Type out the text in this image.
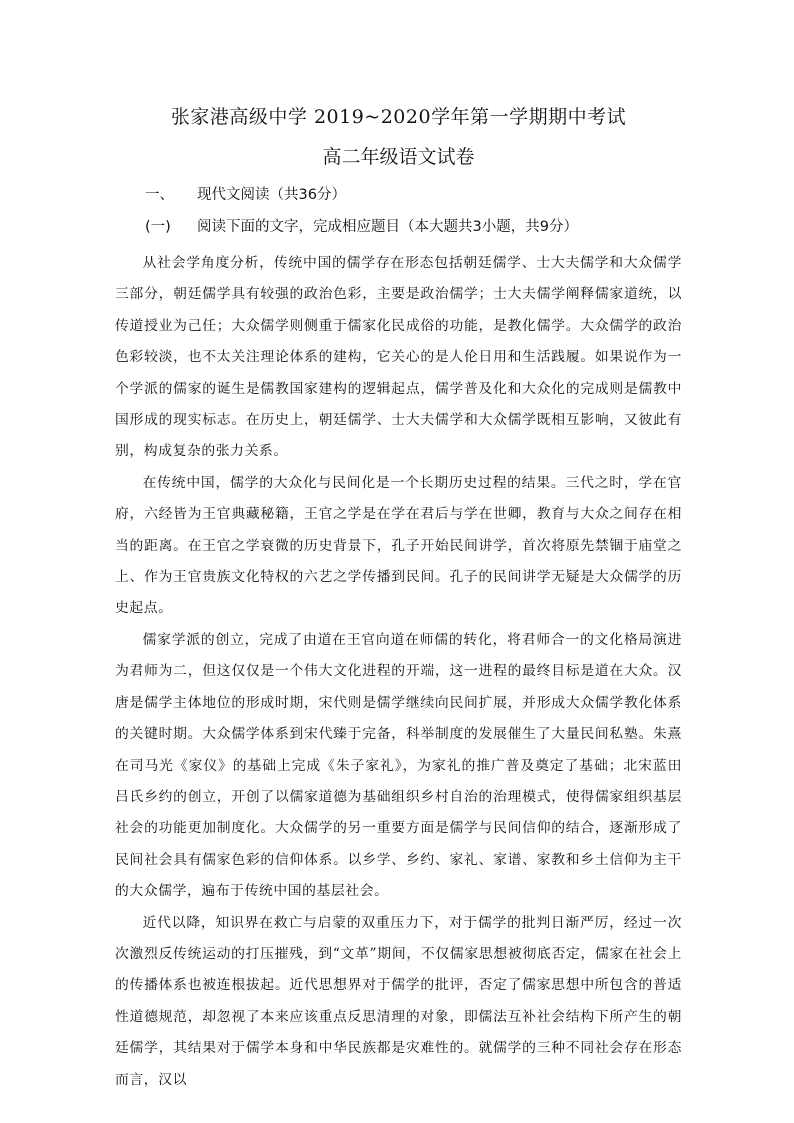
张家港高级中学 2019~2020学年第一学期期中考试
高二年级语文试卷
一、	现代文阅读（共36分）
(一)	阅读下面的文字，完成相应题目（本大题共3小题，共9分）

从社会学角度分析，传统中国的儒学存在形态包括朝廷儒学、士大夫儒学和大众儒学三部分，朝廷儒学具有较强的政治色彩，主要是政治儒学；士大夫儒学阐释儒家道统，以传道授业为己任；大众儒学则侧重于儒家化民成俗的功能，是教化儒学。大众儒学的政治色彩较淡，也不太关注理论体系的建构，它关心的是人伦日用和生活践履。如果说作为一个学派的儒家的诞生是儒教国家建构的逻辑起点，儒学普及化和大众化的完成则是儒教中国形成的现实标志。在历史上，朝廷儒学、士大夫儒学和大众儒学既相互影响，又彼此有别，构成复杂的张力关系。

在传统中国，儒学的大众化与民间化是一个长期历史过程的结果。三代之时，学在官府，六经皆为王官典藏秘籍，王官之学是在学在君后与学在世卿，教育与大众之间存在相当的距离。在王官之学衰微的历史背景下，孔子开始民间讲学，首次将原先禁锢于庙堂之上、作为王官贵族文化特权的六艺之学传播到民间。孔子的民间讲学无疑是大众儒学的历史起点。

儒家学派的创立，完成了由道在王官向道在师儒的转化，将君师合一的文化格局演进为君师为二，但这仅仅是一个伟大文化进程的开端，这一进程的最终目标是道在大众。汉唐是儒学主体地位的形成时期，宋代则是儒学继续向民间扩展，并形成大众儒学教化体系的关键时期。大众儒学体系到宋代臻于完备，科举制度的发展催生了大量民间私塾。朱熹在司马光《家仪》的基础上完成《朱子家礼》，为家礼的推广普及奠定了基础；北宋蓝田吕氏乡约的创立，开创了以儒家道德为基础组织乡村自治的治理模式，使得儒家组织基层社会的功能更加制度化。大众儒学的另一重要方面是儒学与民间信仰的结合，逐渐形成了民间社会具有儒家色彩的信仰体系。以乡学、乡约、家礼、家谱、家教和乡土信仰为主干的大众儒学，遍布于传统中国的基层社会。

近代以降，知识界在救亡与启蒙的双重压力下，对于儒学的批判日渐严厉，经过一次次激烈反传统运动的打压摧残，到“文革”期间，不仅儒家思想被彻底否定，儒家在社会上的传播体系也被连根拔起。近代思想界对于儒学的批评，否定了儒家思想中所包含的普适性道德规范，却忽视了本来应该重点反思清理的对象，即儒法互补社会结构下所产生的朝廷儒学，其结果对于儒学本身和中华民族都是灾难性的。就儒学的三种不同社会存在形态而言，汉以
